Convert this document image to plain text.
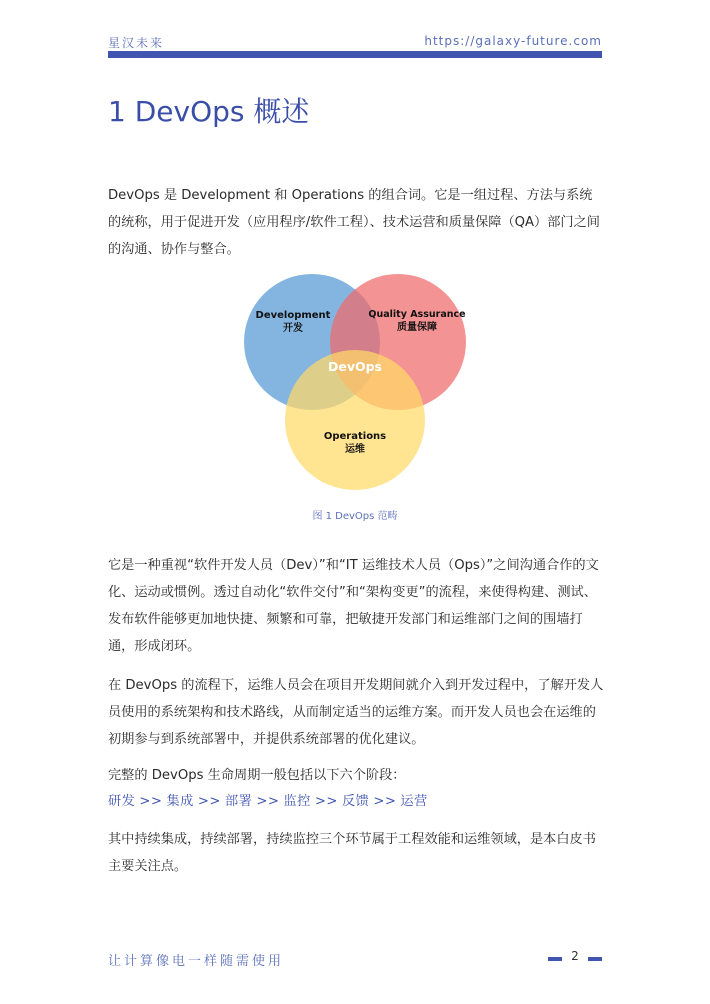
星汉未来	https://galaxy-future.com
1 DevOps 概述

DevOps 是 Development 和 Operations 的组合词。它是一组过程、方法与系统的统称，用于促进开发（应用程序/软件工程）、技术运营和质量保障（QA）部门之间的沟通、协作与整合。

Development
开发
Quality Assurance
质量保障
DevOps
Operations
运维
图 1 DevOps 范畴

它是一种重视“软件开发人员（Dev）”和“IT 运维技术人员（Ops）”之间沟通合作的文化、运动或惯例。透过自动化“软件交付”和“架构变更”的流程，来使得构建、测试、发布软件能够更加地快捷、频繁和可靠，把敏捷开发部门和运维部门之间的围墙打通，形成闭环。

在 DevOps 的流程下，运维人员会在项目开发期间就介入到开发过程中，了解开发人员使用的系统架构和技术路线，从而制定适当的运维方案。而开发人员也会在运维的初期参与到系统部署中，并提供系统部署的优化建议。

完整的 DevOps 生命周期一般包括以下六个阶段：

研发 >> 集成 >> 部署 >> 监控 >> 反馈 >> 运营

其中持续集成，持续部署，持续监控三个环节属于工程效能和运维领域，是本白皮书主要关注点。

让计算像电一样随需使用	2
